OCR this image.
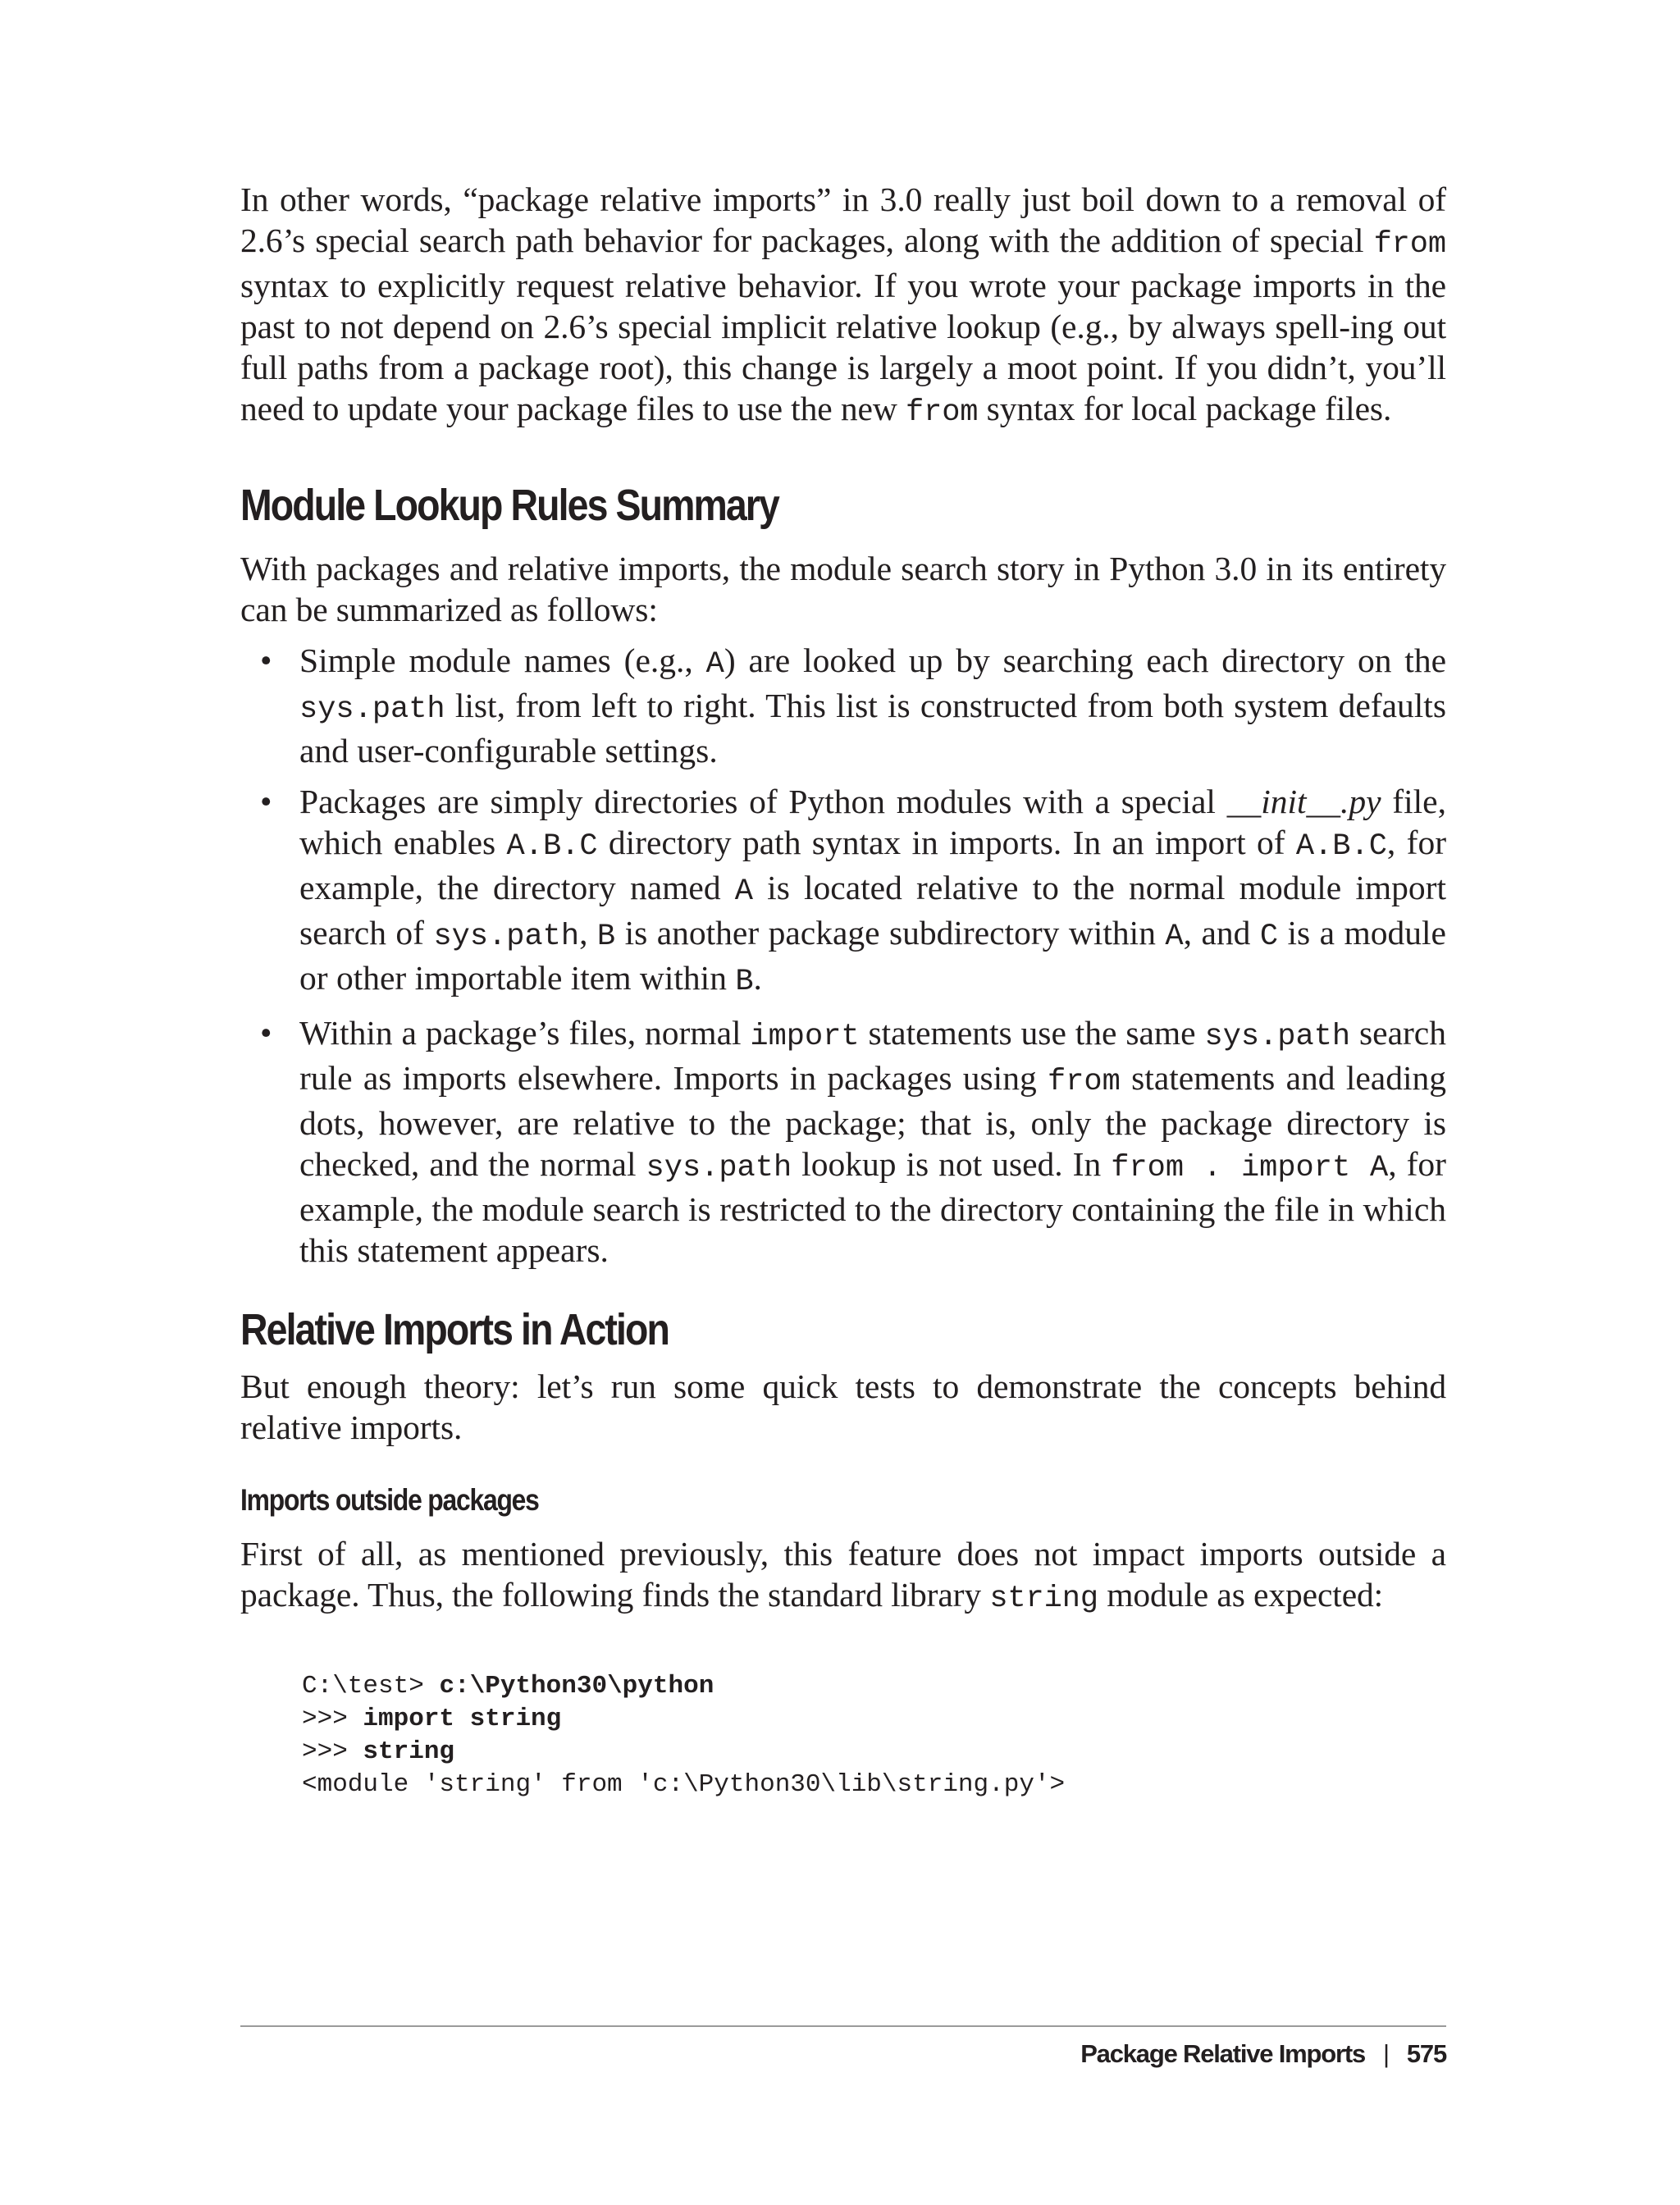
In other words, “package relative imports” in 3.0 really just boil down to a removal of 2.6’s special search path behavior for packages, along with the addition of special from syntax to explicitly request relative behavior. If you wrote your package imports in the past to not depend on 2.6’s special implicit relative lookup (e.g., by always spell-ing out full paths from a package root), this change is largely a moot point. If you didn’t, you’ll need to update your package files to use the new from syntax for local package files.

Module Lookup Rules Summary

With packages and relative imports, the module search story in Python 3.0 in its entirety can be summarized as follows:

• Simple module names (e.g., A) are looked up by searching each directory on the sys.path list, from left to right. This list is constructed from both system defaults and user-configurable settings.
• Packages are simply directories of Python modules with a special __init__.py file, which enables A.B.C directory path syntax in imports. In an import of A.B.C, for example, the directory named A is located relative to the normal module import search of sys.path, B is another package subdirectory within A, and C is a module or other importable item within B.
• Within a package’s files, normal import statements use the same sys.path search rule as imports elsewhere. Imports in packages using from statements and leading dots, however, are relative to the package; that is, only the package directory is checked, and the normal sys.path lookup is not used. In from . import A, for example, the module search is restricted to the directory containing the file in which this statement appears.
Relative Imports in Action

But enough theory: let’s run some quick tests to demonstrate the concepts behind relative imports.

Imports outside packages

First of all, as mentioned previously, this feature does not impact imports outside a package. Thus, the following finds the standard library string module as expected:

C:\test> c:\Python30\python
>>> import string
>>> string
<module 'string' from 'c:\Python30\lib\string.py'>

Package Relative Imports | 575
